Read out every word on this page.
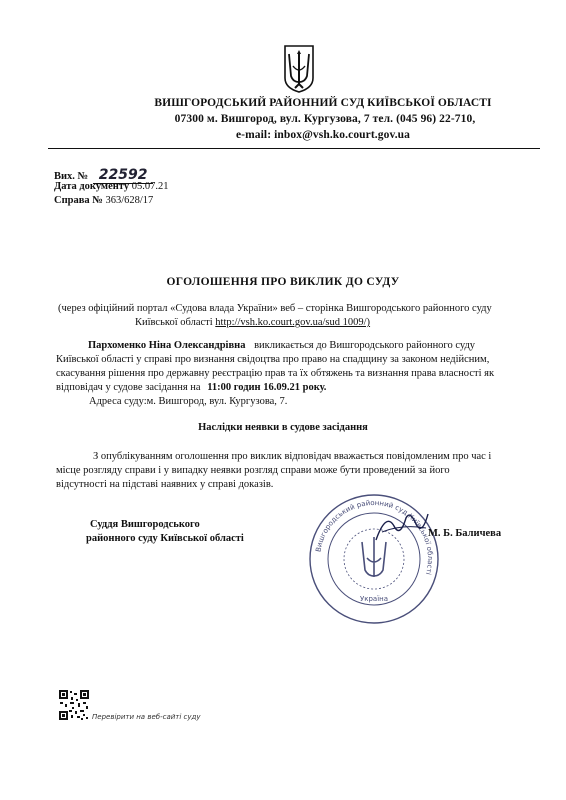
ВИШГОРОДСЬКИЙ РАЙОННИЙ СУД КИЇВСЬКОЇ ОБЛАСТІ
07300 м. Вишгород, вул. Кургузова, 7 тел. (045 96) 22-710,
e-mail: inbox@vsh.ko.court.gov.ua
Вих. № 22592
Дата документу 05.07.21
Справа № 363/628/17
ОГОЛОШЕННЯ ПРО ВИКЛИК ДО СУДУ
(через офіційний портал «Судова влада України» веб – сторінка Вишгородського районного суду
Київської області http://vsh.ko.court.gov.ua/sud 1009/)
Пархоменко Ніна Олександрівна викликається до Вишгородського районного суду
Київської області у справі про визнання свідоцтва про право на спадщину за законом недійсним,
скасування рішення про державну реєстрацію прав та їх обтяжень та визнання права власності як
відповідач у судове засідання на 11:00 годин 16.09.21 року.
Адреса суду:м. Вишгород, вул. Кургузова, 7.
Наслідки неявки в судове засідання
З опублікуванням оголошення про виклик відповідач вважається повідомленим про час і
місце розгляду справи і у випадку неявки розгляд справи може бути проведений за його
відсутності на підставі наявних у справі доказів.
Суддя Вишгородського
районного суду Київської області
Вишгородський районний суд Київської області
Україна
М. Б. Баличева
Перевірити на веб-сайті суду
